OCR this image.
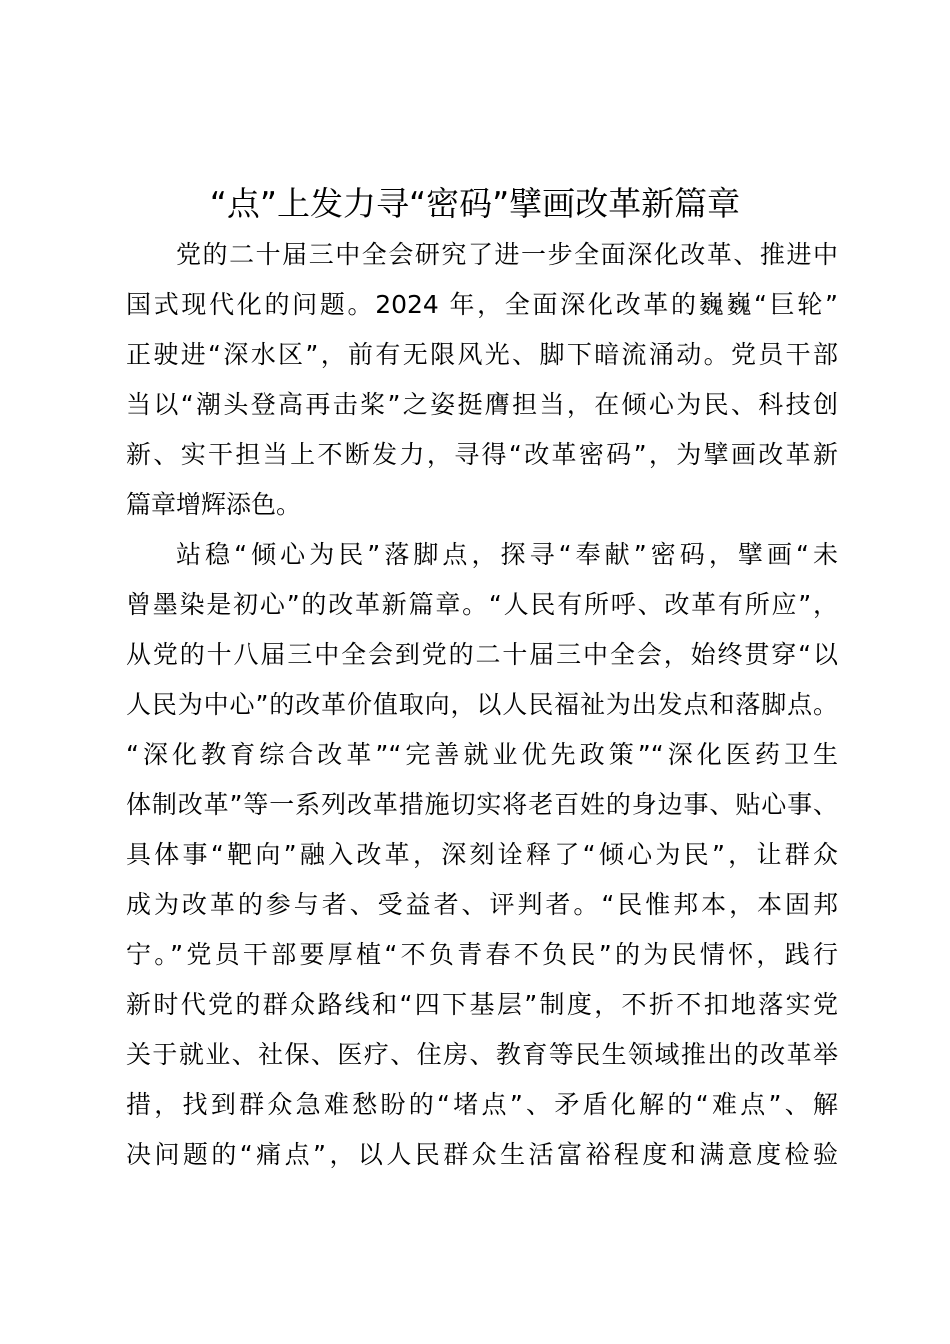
“点”上发力寻“密码”擘画改革新篇章
党的二十届三中全会研究了进一步全面深化改革、推进中
国式现代化的问题。2024 年，全面深化改革的巍巍“巨轮”
正驶进“深水区”，前有无限风光、脚下暗流涌动。党员干部
当以“潮头登高再击桨”之姿挺膺担当，在倾心为民、科技创
新、实干担当上不断发力，寻得“改革密码”，为擘画改革新
篇章增辉添色。
站稳“倾心为民”落脚点，探寻“奉献”密码，擘画“未
曾墨染是初心”的改革新篇章。“人民有所呼、改革有所应”，
从党的十八届三中全会到党的二十届三中全会，始终贯穿“以
人民为中心”的改革价值取向，以人民福祉为出发点和落脚点。
“深化教育综合改革”“完善就业优先政策”“深化医药卫生
体制改革”等一系列改革措施切实将老百姓的身边事、贴心事、
具体事“靶向”融入改革，深刻诠释了“倾心为民”，让群众
成为改革的参与者、受益者、评判者。“民惟邦本，本固邦
宁。”党员干部要厚植“不负青春不负民”的为民情怀，践行
新时代党的群众路线和“四下基层”制度，不折不扣地落实党
关于就业、社保、医疗、住房、教育等民生领域推出的改革举
措，找到群众急难愁盼的“堵点”、矛盾化解的“难点”、解
决问题的“痛点”，以人民群众生活富裕程度和满意度检验
